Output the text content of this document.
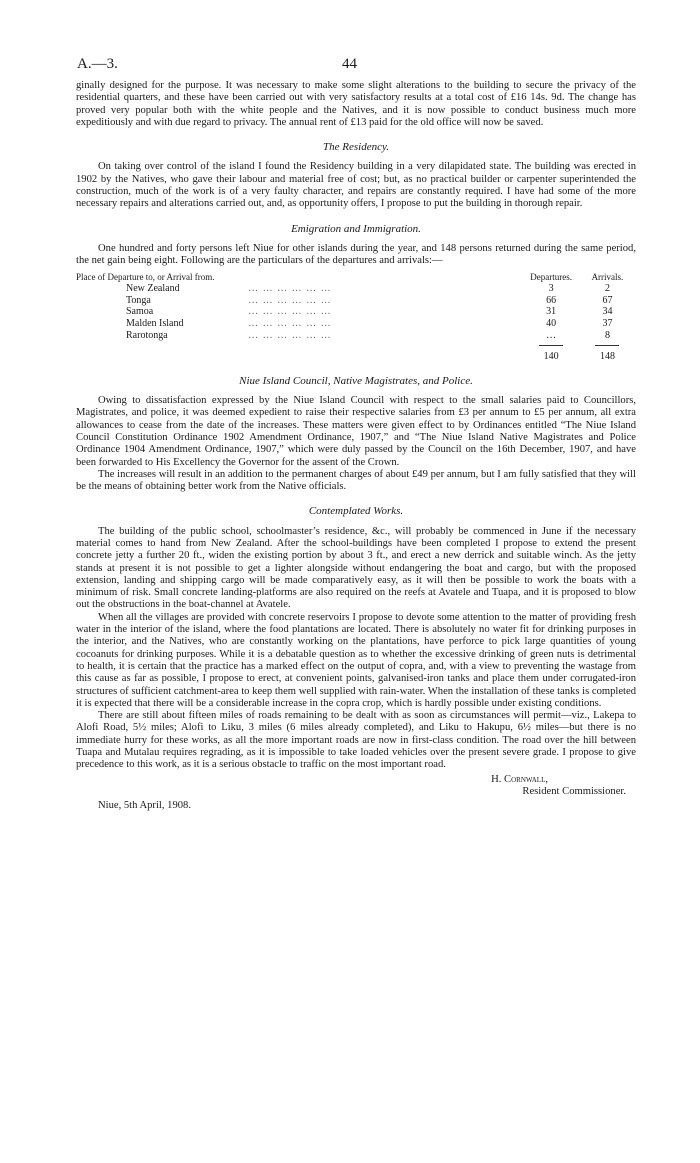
A.—3.	44

ginally designed for the purpose. It was necessary to make some slight alterations to the building to secure the privacy of the residential quarters, and these have been carried out with very satisfactory results at a total cost of £16 14s. 9d. The change has proved very popular both with the white people and the Natives, and it is now possible to conduct business much more expeditiously and with due regard to privacy. The annual rent of £13 paid for the old office will now be saved.

The Residency.

On taking over control of the island I found the Residency building in a very dilapidated state. The building was erected in 1902 by the Natives, who gave their labour and material free of cost; but, as no practical builder or carpenter superintended the construction, much of the work is of a very faulty character, and repairs are constantly required. I have had some of the more necessary repairs and alterations carried out, and, as opportunity offers, I propose to put the building in thorough repair.

Emigration and Immigration.

One hundred and forty persons left Niue for other islands during the year, and 148 persons returned during the same period, the net gain being eight. Following are the particulars of the departures and arrivals:—

Place of Departure to, or Arrival from.		Departures.	Arrivals.
New Zealand	… … … … … …	3	2
Tonga	… … … … … …	66	67
Samoa	… … … … … …	31	34
Malden Island	… … … … … …	40	37
Rarotonga	… … … … … …	…	8

		140	148
Niue Island Council, Native Magistrates, and Police.

Owing to dissatisfaction expressed by the Niue Island Council with respect to the small salaries paid to Councillors, Magistrates, and police, it was deemed expedient to raise their respective salaries from £3 per annum to £5 per annum, all extra allowances to cease from the date of the increases. These matters were given effect to by Ordinances entitled “The Niue Island Council Constitution Ordinance 1902 Amendment Ordinance, 1907,” and “The Niue Island Native Magistrates and Police Ordinance 1904 Amendment Ordinance, 1907,” which were duly passed by the Council on the 16th December, 1907, and have been forwarded to His Excellency the Governor for the assent of the Crown.

The increases will result in an addition to the permanent charges of about £49 per annum, but I am fully satisfied that they will be the means of obtaining better work from the Native officials.

Contemplated Works.

The building of the public school, schoolmaster’s residence, &c., will probably be commenced in June if the necessary material comes to hand from New Zealand. After the school-buildings have been completed I propose to extend the present concrete jetty a further 20 ft., widen the existing portion by about 3 ft., and erect a new derrick and suitable winch. As the jetty stands at present it is not possible to get a lighter alongside without endangering the boat and cargo, but with the proposed extension, landing and shipping cargo will be made comparatively easy, as it will then be possible to work the boats with a minimum of risk. Small concrete landing-platforms are also required on the reefs at Avatele and Tuapa, and it is proposed to blow out the obstructions in the boat-channel at Avatele.

When all the villages are provided with concrete reservoirs I propose to devote some attention to the matter of providing fresh water in the interior of the island, where the food plantations are located. There is absolutely no water fit for drinking purposes in the interior, and the Natives, who are constantly working on the plantations, have perforce to pick large quantities of young cocoanuts for drinking purposes. While it is a debatable question as to whether the excessive drinking of green nuts is detrimental to health, it is certain that the practice has a marked effect on the output of copra, and, with a view to preventing the wastage from this cause as far as possible, I propose to erect, at convenient points, galvanised-iron tanks and place them under corrugated-iron structures of sufficient catchment-area to keep them well supplied with rain-water. When the installation of these tanks is completed it is expected that there will be a considerable increase in the copra crop, which is hardly possible under existing conditions.

There are still about fifteen miles of roads remaining to be dealt with as soon as circumstances will permit—viz., Lakepa to Alofi Road, 5½ miles; Alofi to Liku, 3 miles (6 miles already completed), and Liku to Hakupu, 6½ miles—but there is no immediate hurry for these works, as all the more important roads are now in first-class condition. The road over the hill between Tuapa and Mutalau requires regrading, as it is impossible to take loaded vehicles over the present severe grade. I propose to give precedence to this work, as it is a serious obstacle to traffic on the most important road.

H. Cornwall,
Resident Commissioner.
Niue, 5th April, 1908.
